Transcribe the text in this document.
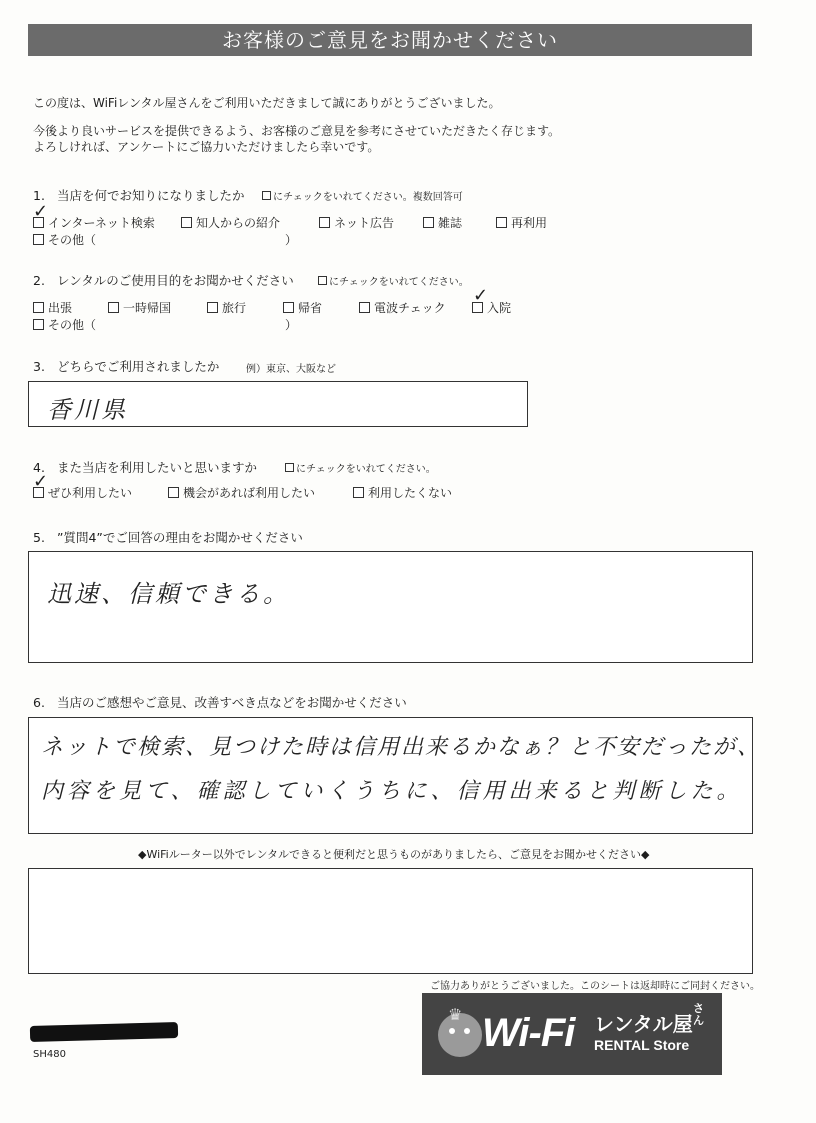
お客様のご意見をお聞かせください
この度は、WiFiレンタル屋さんをご利用いただきまして誠にありがとうございました。
今後より良いサービスを提供できるよう、お客様のご意見を参考にさせていただきたく存じます。
よろしければ、アンケートにご協力いただけましたら幸いです。
1. 当店を何でお知りになりましたか	にチェックをいれてください。複数回答可
インターネット検索	知人からの紹介	ネット広告	雑誌	再利用
その他（	）
✓
2. レンタルのご使用目的をお聞かせください	にチェックをいれてください。
出張	一時帰国	旅行	帰省	電波チェック	入院
その他（	）
✓
3. どちらでご利用されましたか	例）東京、大阪など
香川県
4. また当店を利用したいと思いますか	にチェックをいれてください。
ぜひ利用したい	機会があれば利用したい	利用したくない
✓
5. ”質問4”でご回答の理由をお聞かせください
迅速、信頼できる。
6. 当店のご感想やご意見、改善すべき点などをお聞かせください
ネットで検索、見つけた時は信用出来るかなぁ？と不安だったが、
内容を見て、確認していくうちに、信用出来ると判断した。
◆WiFiルーター以外でレンタルできると便利だと思うものがありましたら、ご意見をお聞かせください◆
ご協力ありがとうございました。このシートは返却時にご同封ください。
SH480
♛ Wi-Fi レンタル屋
さん
RENTAL Store
